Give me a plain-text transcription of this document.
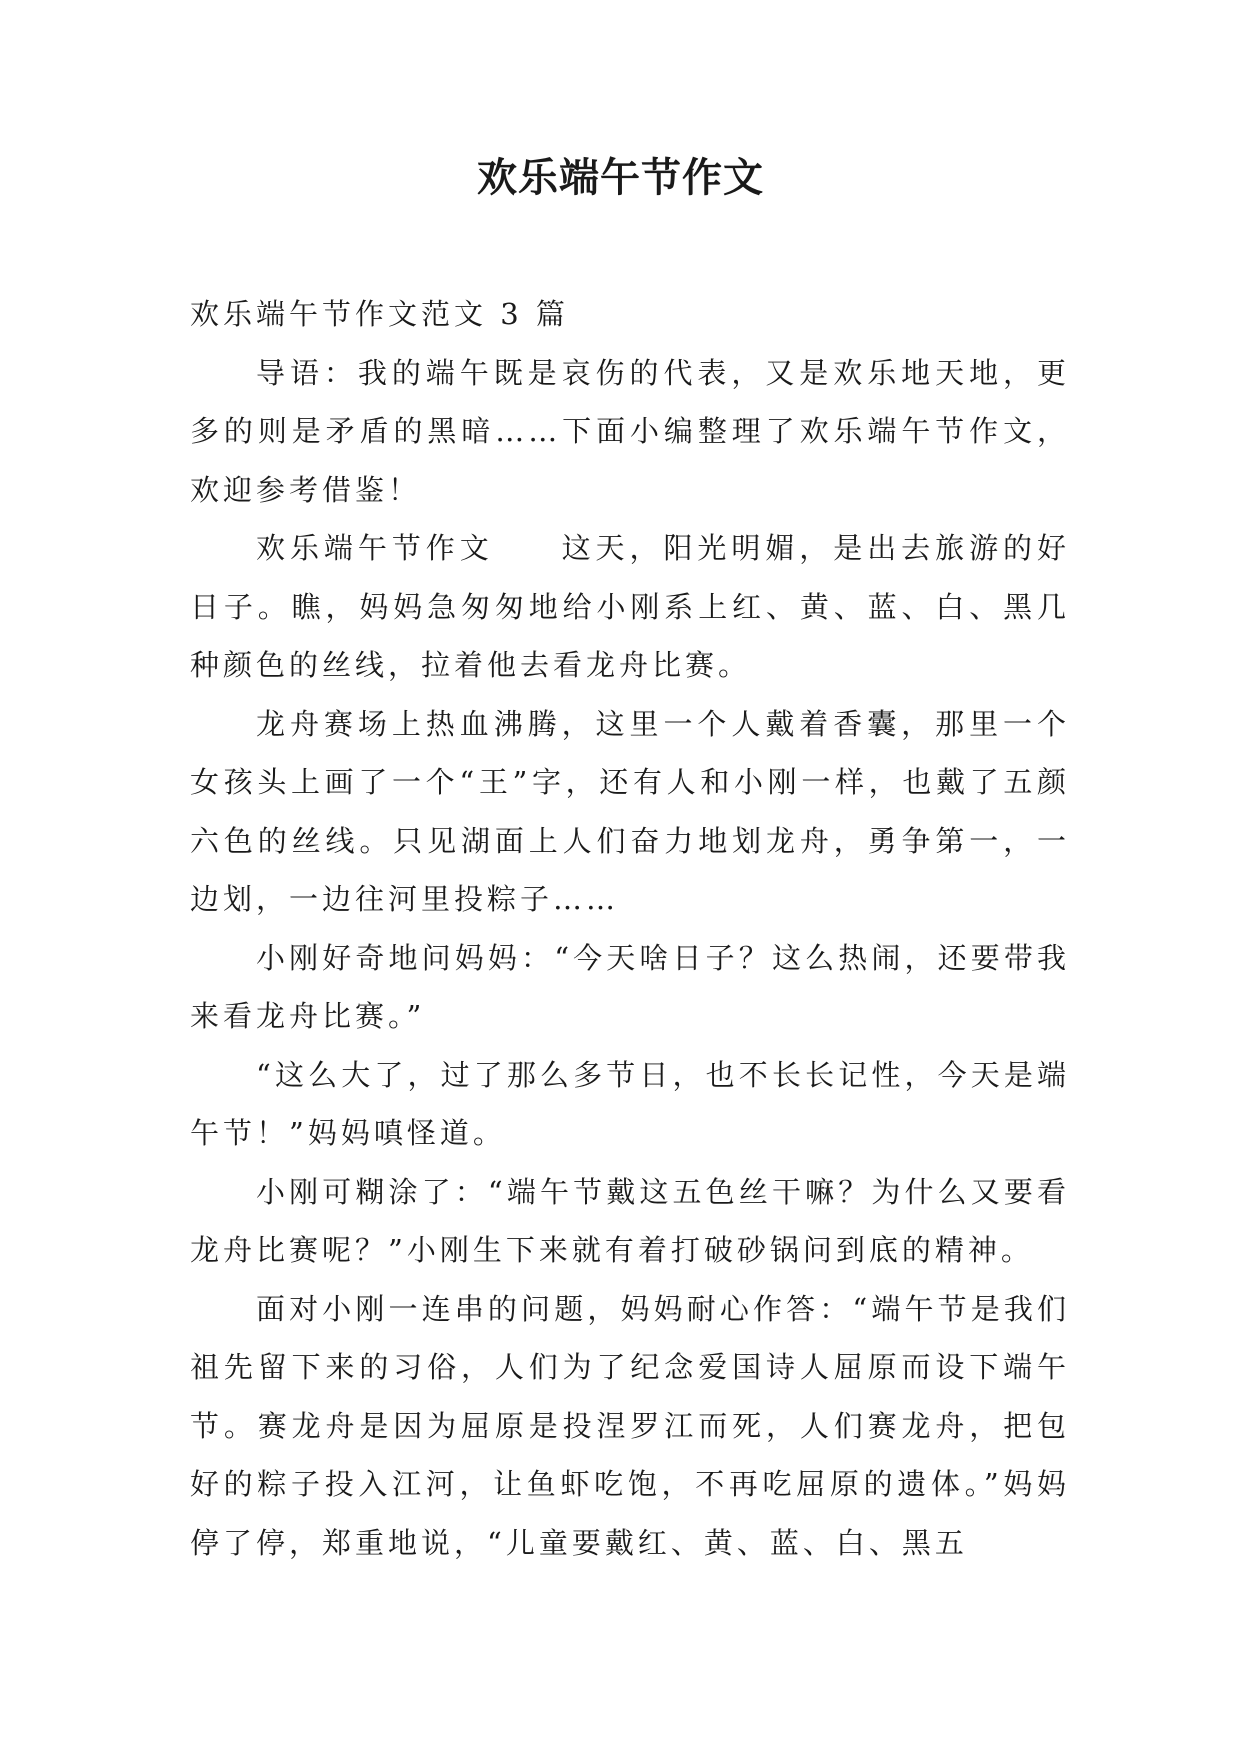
欢乐端午节作文

欢乐端午节作文范文 3 篇

导语：我的端午既是哀伤的代表，又是欢乐地天地，更多的则是矛盾的黑暗……下面小编整理了欢乐端午节作文，欢迎参考借鉴！

欢乐端午节作文　　这天，阳光明媚，是出去旅游的好日子。瞧，妈妈急匆匆地给小刚系上红、黄、蓝、白、黑几种颜色的丝线，拉着他去看龙舟比赛。

龙舟赛场上热血沸腾，这里一个人戴着香囊，那里一个女孩头上画了一个“王”字，还有人和小刚一样，也戴了五颜六色的丝线。只见湖面上人们奋力地划龙舟，勇争第一，一边划，一边往河里投粽子……

小刚好奇地问妈妈：“今天啥日子？这么热闹，还要带我来看龙舟比赛。”

“这么大了，过了那么多节日，也不长长记性，今天是端午节！”妈妈嗔怪道。

小刚可糊涂了：“端午节戴这五色丝干嘛？为什么又要看龙舟比赛呢？”小刚生下来就有着打破砂锅问到底的精神。

面对小刚一连串的问题，妈妈耐心作答：“端午节是我们祖先留下来的习俗，人们为了纪念爱国诗人屈原而设下端午节。赛龙舟是因为屈原是投涅罗江而死，人们赛龙舟，把包好的粽子投入江河，让鱼虾吃饱，不再吃屈原的遗体。”妈妈停了停，郑重地说，“儿童要戴红、黄、蓝、白、黑五
